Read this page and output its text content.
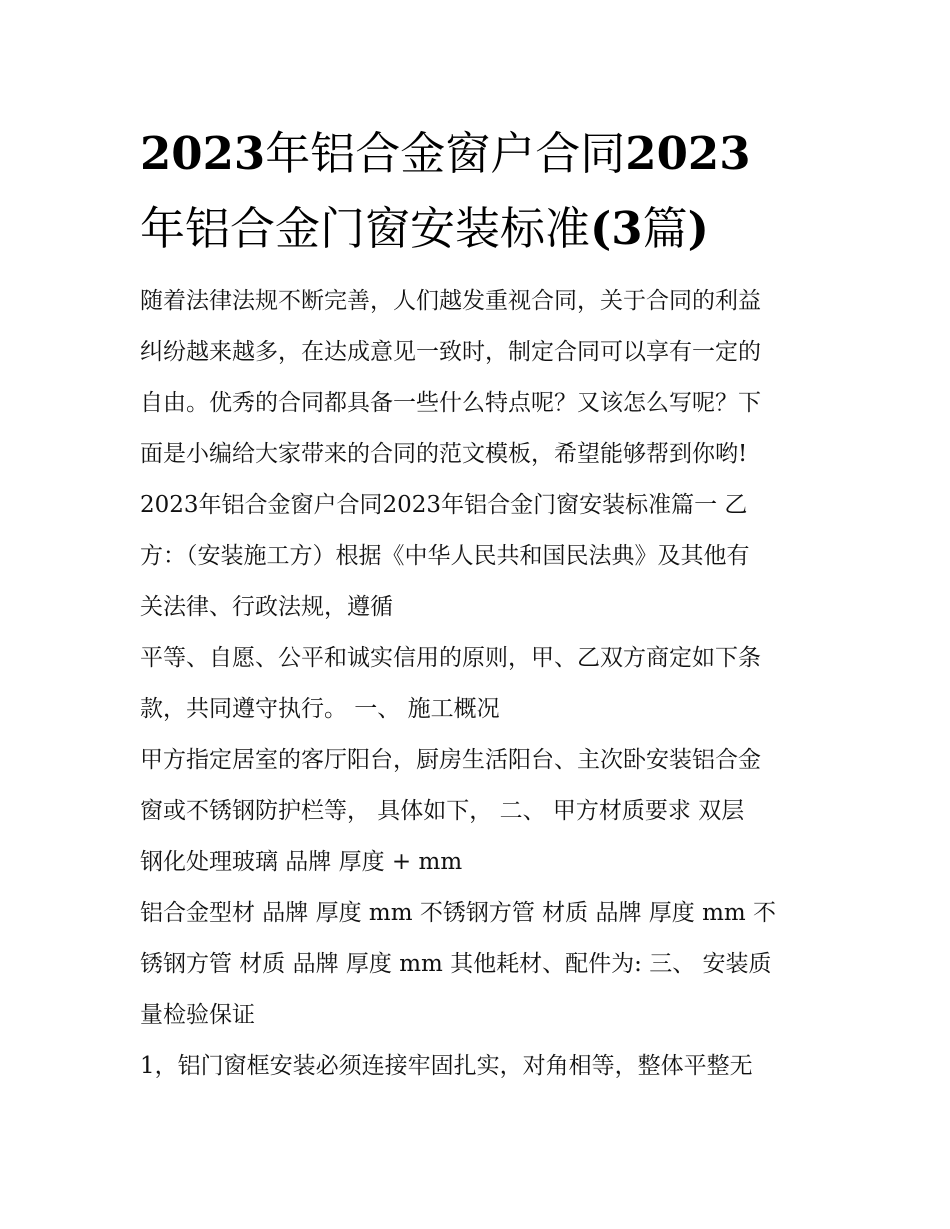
2023年铝合金窗户合同2023
年铝合金门窗安装标准(3篇)
随着法律法规不断完善，人们越发重视合同，关于合同的利益
纠纷越来越多，在达成意见一致时，制定合同可以享有一定的
自由。优秀的合同都具备一些什么特点呢？又该怎么写呢？下
面是小编给大家带来的合同的范文模板，希望能够帮到你哟!
2023年铝合金窗户合同2023年铝合金门窗安装标准篇一 乙
方：（安装施工方）根据《中华人民共和国民法典》及其他有
关法律、行政法规，遵循
平等、自愿、公平和诚实信用的原则，甲、乙双方商定如下条
款，共同遵守执行。 一、 施工概况
甲方指定居室的客厅阳台，厨房生活阳台、主次卧安装铝合金
窗或不锈钢防护栏等， 具体如下， 二、 甲方材质要求 双层
钢化处理玻璃 品牌 厚度 + mm
铝合金型材 品牌 厚度 mm 不锈钢方管 材质 品牌 厚度 mm 不
锈钢方管 材质 品牌 厚度 mm 其他耗材、配件为: 三、 安装质
量检验保证
1，铝门窗框安装必须连接牢固扎实，对角相等，整体平整无
